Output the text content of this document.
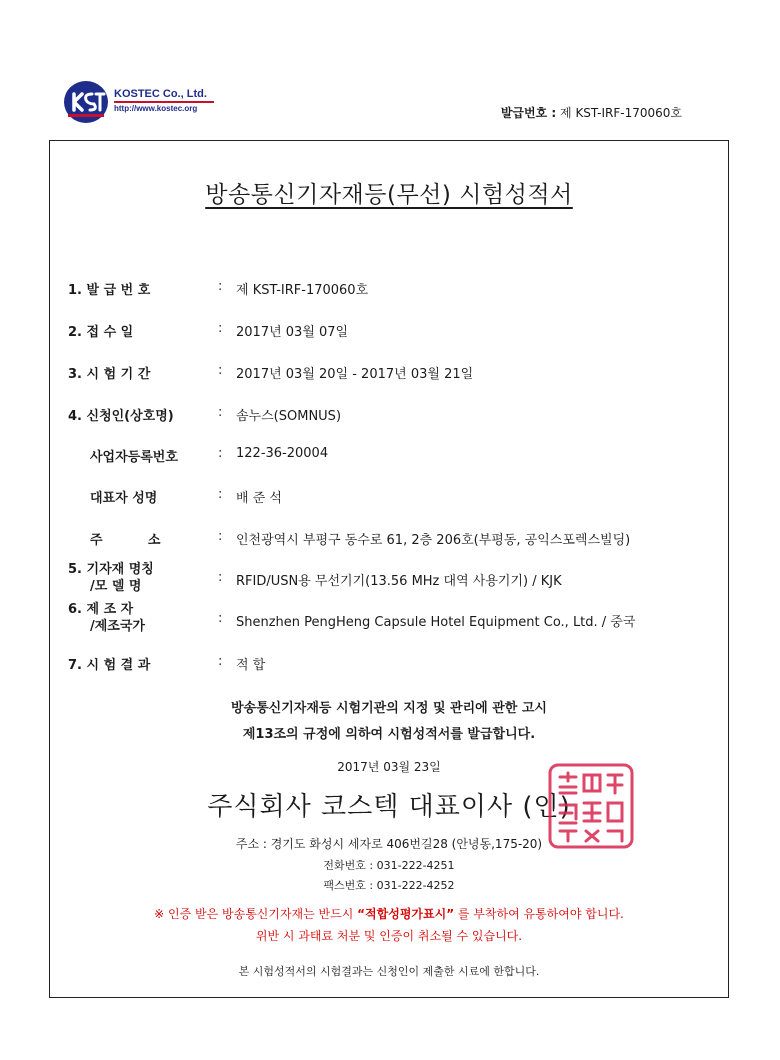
KOSTEC Co., Ltd.
http://www.kostec.org	발급번호 : 제 KST-IRF-170060호
방송통신기자재등(무선) 시험성적서
1. 발 급 번 호	: 제 KST-IRF-170060호
2. 접 수 일	: 2017년 03월 07일
3. 시 험 기 간	: 2017년 03월 20일 - 2017년 03월 21일
4. 신청인(상호명)	: 솜누스(SOMNUS)
사업자등록번호	: 122-36-20004
대표자 성명	: 배 준 석
주          소	: 인천광역시 부평구 동수로 61, 2층 206호(부평동, 공익스포렉스빌딩)
5. 기자재 명칭
/모 델 명
: RFID/USN용 무선기기(13.56 MHz 대역 사용기기) / KJK
6. 제 조 자
/제조국가
: Shenzhen PengHeng Capsule Hotel Equipment Co., Ltd. / 중국
7. 시 험 결 과	: 적 합
방송통신기자재등 시험기관의 지정 및 관리에 관한 고시
제13조의 규정에 의하여 시험성적서를 발급합니다.
2017년 03월 23일
주식회사 코스텍 대표이사 (인)
주소 : 경기도 화성시 세자로 406번길28 (안녕동,175-20)
전화번호 : 031-222-4251
팩스번호 : 031-222-4252
※ 인증 받은 방송통신기자재는 반드시 “적합성평가표시” 를 부착하여 유통하여야 합니다.
위반 시 과태료 처분 및 인증이 취소될 수 있습니다.
본 시험성적서의 시험결과는 신청인이 제출한 시료에 한합니다.
